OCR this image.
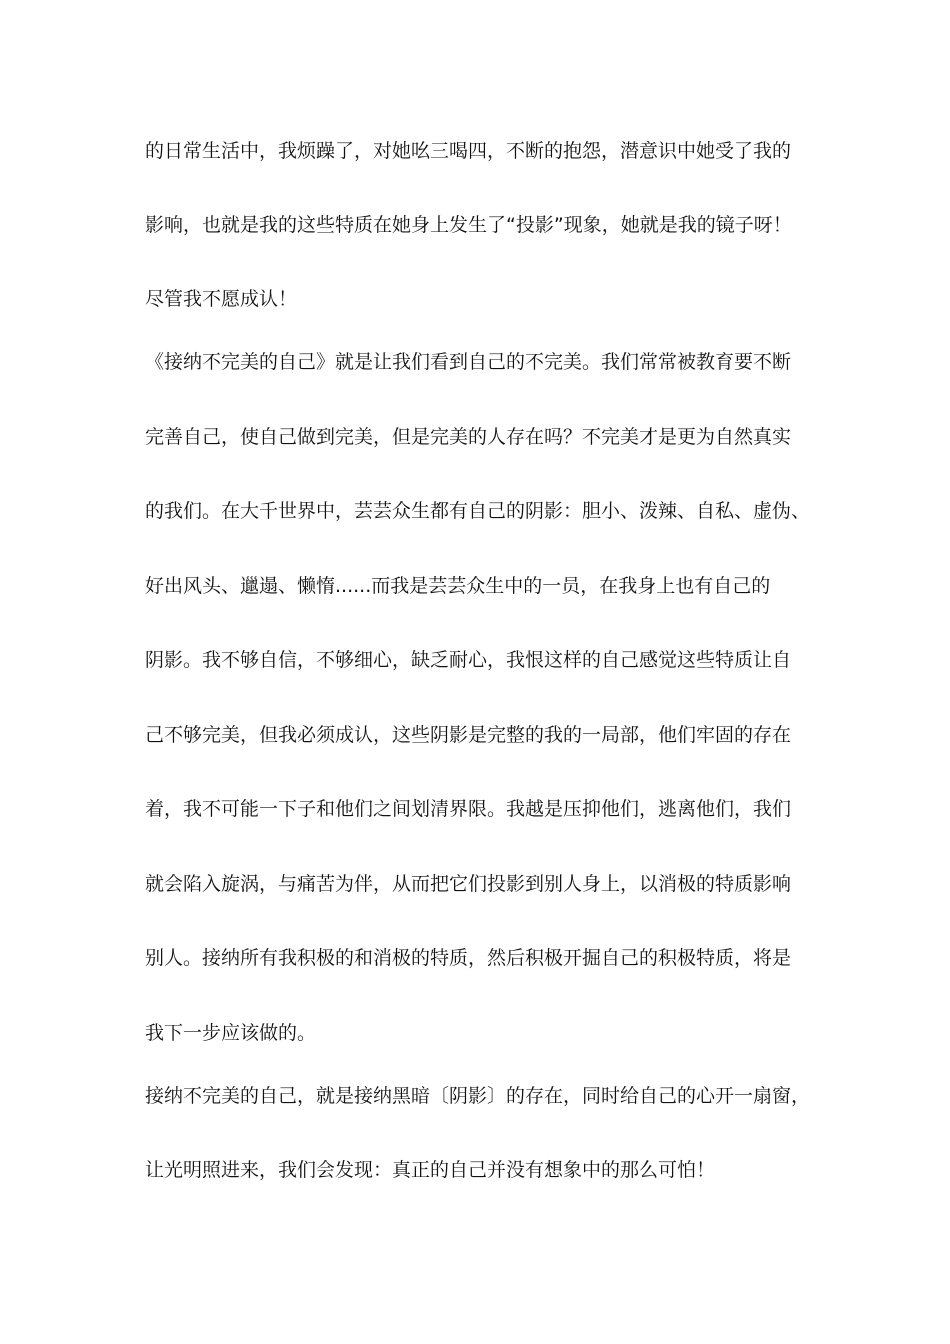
的日常生活中，我烦躁了，对她吆三喝四，不断的抱怨，潜意识中她受了我的
影响，也就是我的这些特质在她身上发生了“投影”现象，她就是我的镜子呀！
尽管我不愿成认！
《接纳不完美的自己》就是让我们看到自己的不完美。我们常常被教育要不断
完善自己，使自己做到完美，但是完美的人存在吗？不完美才是更为自然真实
的我们。在大千世界中，芸芸众生都有自己的阴影：胆小、泼辣、自私、虚伪、
好出风头、邋遢、懒惰......而我是芸芸众生中的一员，在我身上也有自己的
阴影。我不够自信，不够细心，缺乏耐心，我恨这样的自己感觉这些特质让自
己不够完美，但我必须成认，这些阴影是完整的我的一局部，他们牢固的存在
着，我不可能一下子和他们之间划清界限。我越是压抑他们，逃离他们，我们
就会陷入旋涡，与痛苦为伴，从而把它们投影到别人身上，以消极的特质影响
别人。接纳所有我积极的和消极的特质，然后积极开掘自己的积极特质，将是
我下一步应该做的。
接纳不完美的自己，就是接纳黑暗〔阴影〕的存在，同时给自己的心开一扇窗，
让光明照进来，我们会发现：真正的自己并没有想象中的那么可怕！
